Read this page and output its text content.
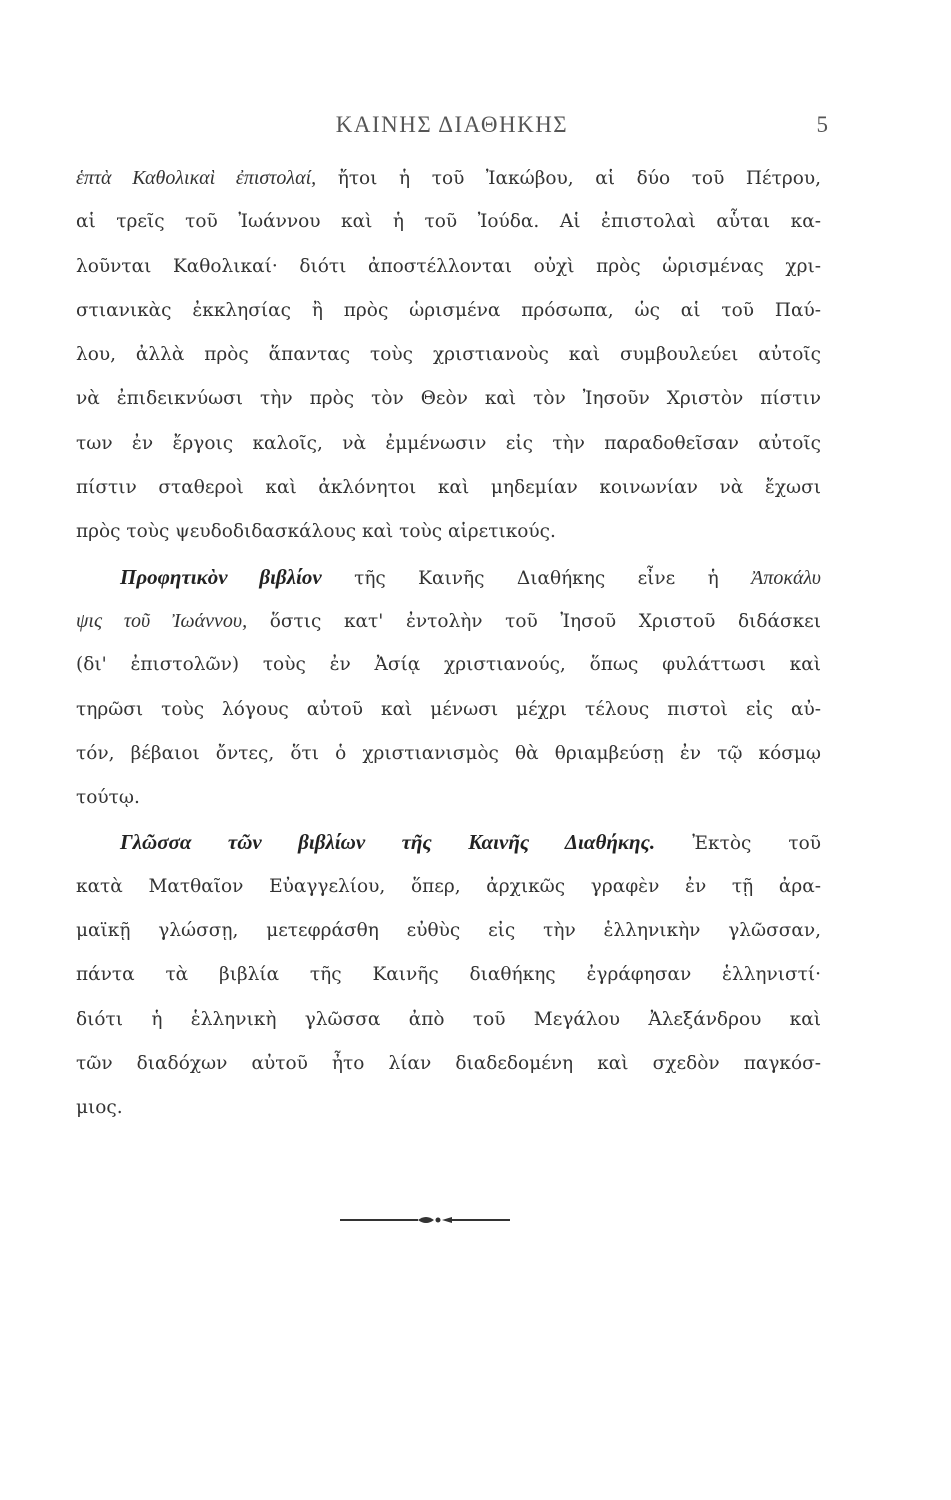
ΚΑΙΝΗΣ ΔΙΑΘΗΚΗΣ	5
ἑπτὰ Καθολικαὶ ἐπιστολαί, ἤτοι ἡ τοῦ Ἰακώβου, αἱ δύο τοῦ Πέτρου,
αἱ τρεῖς τοῦ Ἰωάννου καὶ ἡ τοῦ Ἰούδα. Αἱ ἐπιστολαὶ αὗται κα-
λοῦνται Καθολικαί· διότι ἀποστέλλονται οὐχὶ πρὸς ὡρισμένας χρι-
στιανικὰς ἐκκλησίας ἢ πρὸς ὡρισμένα πρόσωπα, ὡς αἱ τοῦ Παύ-
λου, ἀλλὰ πρὸς ἅπαντας τοὺς χριστιανοὺς καὶ συμβουλεύει αὐτοῖς
νὰ ἐπιδεικνύωσι τὴν πρὸς τὸν Θεὸν καὶ τὸν Ἰησοῦν Χριστὸν πίστιν
των ἐν ἔργοις καλοῖς, νὰ ἐμμένωσιν εἰς τὴν παραδοθεῖσαν αὐτοῖς
πίστιν σταθεροὶ καὶ ἀκλόνητοι καὶ μηδεμίαν κοινωνίαν νὰ ἔχωσι
πρὸς τοὺς ψευδοδιδασκάλους καὶ τοὺς αἱρετικούς.
Προφητικὸν βιβλίον τῆς Καινῆς Διαθήκης εἶνε ἡ Ἀποκάλυ
ψις τοῦ Ἰωάννου, ὅστις κατ' ἐντολὴν τοῦ Ἰησοῦ Χριστοῦ διδάσκει
(δι' ἐπιστολῶν) τοὺς ἐν Ἀσίᾳ χριστιανούς, ὅπως φυλάττωσι καὶ
τηρῶσι τοὺς λόγους αὐτοῦ καὶ μένωσι μέχρι τέλους πιστοὶ εἰς αὐ-
τόν, βέβαιοι ὄντες, ὅτι ὁ χριστιανισμὸς θὰ θριαμβεύσῃ ἐν τῷ κόσμῳ
τούτῳ.
Γλῶσσα τῶν βιβλίων τῆς Καινῆς Διαθήκης. Ἐκτὸς τοῦ
κατὰ Ματθαῖον Εὐαγγελίου, ὅπερ, ἀρχικῶς γραφὲν ἐν τῇ ἀρα-
μαϊκῇ γλώσσῃ, μετεφράσθη εὐθὺς εἰς τὴν ἑλληνικὴν γλῶσσαν,
πάντα τὰ βιβλία τῆς Καινῆς διαθήκης ἐγράφησαν ἑλληνιστί·
διότι ἡ ἑλληνικὴ γλῶσσα ἀπὸ τοῦ Μεγάλου Ἀλεξάνδρου καὶ
τῶν διαδόχων αὐτοῦ ἦτο λίαν διαδεδομένη καὶ σχεδὸν παγκόσ-
μιος.
